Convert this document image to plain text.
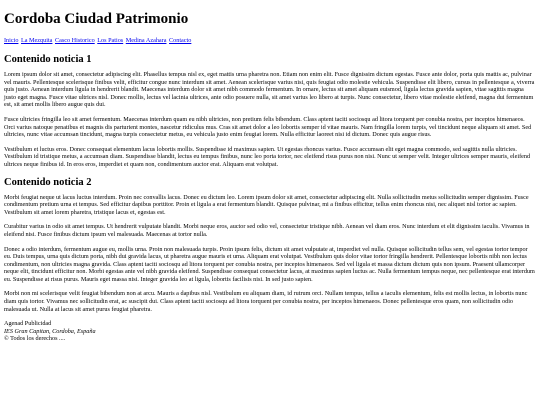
Cordoba Ciudad Patrimonio
Inicio La Mezquita Casco Historico Los Patios Medina Azahara Contacto
Contenido noticia 1

Lorem ipsum dolor sit amet, consectetur adipiscing elit. Phasellus tempus nisl ex, eget mattis urna pharetra non. Etiam non enim elit. Fusce dignissim dictum egestas. Fusce ante dolor, porta quis mattis ac, pulvinar vel mauris. Pellentesque scelerisque finibus velit, efficitur congue nunc interdum sit amet. Aenean scelerisque varius nisi, quis feugiat odio molestie vehicula. Suspendisse elit libero, cursus in pellentesque a, viverra quis justo. Aenean interdum ligula in hendrerit blandit. Maecenas interdum dolor sit amet nibh commodo fermentum. In ornare, lectus sit amet aliquam euismod, ligula lectus gravida sapien, vitae sagittis magna justo eget magna. Fusce vitae ultrices nisl. Donec mollis, lectus vel lacinia ultrices, ante odio posuere nulla, sit amet varius leo libero at turpis. Nunc consectetur, libero vitae molestie eleifend, magna dui fermentum est, sit amet mollis libero augue quis dui.

Fusce ultricies fringilla leo sit amet fermentum. Maecenas interdum quam eu nibh ultricies, non pretium felis bibendum. Class aptent taciti sociosqu ad litora torquent per conubia nostra, per inceptos himenaeos. Orci varius natoque penatibus et magnis dis parturient montes, nascetur ridiculus mus. Cras sit amet dolor a leo lobortis semper id vitae mauris. Nam fringilla lorem turpis, vel tincidunt neque aliquam sit amet. Sed ultricies, nunc vitae accumsan tincidunt, magna turpis consectetur metus, eu vehicula justo enim feugiat lorem. Nulla efficitur laoreet nisi id dictum. Donec quis augue risus.

Vestibulum et luctus eros. Donec consequat elementum lacus lobortis mollis. Suspendisse id maximus sapien. Ut egestas rhoncus varius. Fusce accumsan elit eget magna commodo, sed sagittis nulla ultricies. Vestibulum id tristique metus, a accumsan diam. Suspendisse blandit, lectus eu tempus finibus, nunc leo porta tortor, nec eleifend risus purus non nisi. Nunc ut semper velit. Integer ultrices semper mauris, eleifend ultrices neque finibus id. In eros eros, imperdiet et quam non, condimentum auctor erat. Aliquam erat volutpat.

Contenido noticia 2

Morbi feugiat neque ut lacus luctus interdum. Proin nec convallis lacus. Donec eu dictum leo. Lorem ipsum dolor sit amet, consectetur adipiscing elit. Nulla sollicitudin metus sollicitudin semper dignissim. Fusce condimentum pretium urna et tempus. Sed efficitur dapibus porttitor. Proin et ligula a erat fermentum blandit. Quisque pulvinar, mi a finibus efficitur, tellus enim rhoncus nisi, nec aliquet nisl tortor ac sapien. Vestibulum sit amet lorem pharetra, tristique lacus et, egestas est.

Curabitur varius in odio sit amet tempus. Ut hendrerit vulputate blandit. Morbi neque eros, auctor sed odio vel, consectetur tristique nibh. Aenean vel diam eros. Nunc interdum et elit dignissim iaculis. Vivamus in eleifend nisi. Fusce finibus dictum ipsum vel malesuada. Maecenas at tortor nulla.

Donec a odio interdum, fermentum augue eu, mollis urna. Proin non malesuada turpis. Proin ipsum felis, dictum sit amet vulputate at, imperdiet vel nulla. Quisque sollicitudin tellus sem, vel egestas tortor tempor eu. Duis tempus, urna quis dictum porta, nibh dui gravida lacus, ut pharetra augue mauris et urna. Aliquam erat volutpat. Vestibulum quis dolor vitae tortor fringilla hendrerit. Pellentesque lobortis nibh non lectus condimentum, non ultricies magna gravida. Class aptent taciti sociosqu ad litora torquent per conubia nostra, per inceptos himenaeos. Sed vel ligula et massa dictum dictum quis non ipsum. Praesent ullamcorper neque elit, tincidunt efficitur non. Morbi egestas ante vel nibh gravida eleifend. Suspendisse consequat consectetur lacus, at maximus sapien luctus ac. Nulla fermentum tempus neque, nec pellentesque erat interdum eu. Suspendisse at risus purus. Mauris eget massa nisi. Integer gravida leo at ligula, lobortis facilisis nisi. In sed justo sapien.

Morbi non mi scelerisque velit feugiat bibendum non at arcu. Mauris a dapibus nisl. Vestibulum eu aliquam diam, id rutrum orci. Nullam tempus, tellus a iaculis elementum, felis est mollis lectus, in lobortis nunc diam quis tortor. Vivamus nec sollicitudin erat, ac suscipit dui. Class aptent taciti sociosqu ad litora torquent per conubia nostra, per inceptos himenaeos. Donec pellentesque eros quam, non sollicitudin odio malesuada ut. Nulla at lacus sit amet purus feugiat pharetra.

Agenad Publicidad
IES Gran Capitan, Cordoba, España
© Todos los derechos ....
